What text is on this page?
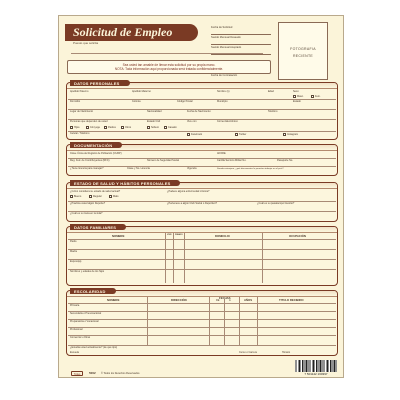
Solicitud de Empleo
Puesto que solicita
Fecha de Solicitud
Sueldo Mensual Deseado
Sueldo Mensual Aceptado
Fecha de Contratación
FOTOGRAFIA
RECIENTE
Sea usted tan amable de llenar esta solicitud por su propia mano.
NOTA: Toda información aquí proporcionada será tratada confidencialmente.
DATOS PERSONALES
Apellido Paterno	Apellido Materno	Nombre (s)	Edad	Sexo
Masc.	Fem.
Domicilio	Colonia	Código Postal	Municipio	Estado
Lugar de Nacimiento	Nacionalidad	Fecha de Nacimiento	Teléfono
Personas que dependen de usted	Estado Civil	Vive con
Hijos	Cónyuge	Padres	Otros	Soltero	Casado
Correo Electrónico
Celular / Teléfono	Facebook	Twitter	Instagram
DOCUMENTACIÓN
Clave Única de Registro de Población (CURP)	AFORE
Reg. Fed. de Contribuyentes (RFC)	Número de Seguridad Social	Cartilla Servicio Militar No.	Pasaporte No.
¿Tiene licencia para manejar?	Clase y No. Licencia	Vigencia	Siendo extranjero, ¿qué documentos le permiten trabajar en el país?
ESTADO DE SALUD Y HÁBITOS PERSONALES
¿Cómo considera su estado de salud actual?	¿Padece alguna enfermedad crónica?
Bueno	Regular	Malo
¿Practica usted algún Deporte?	¿Pertenece a algún Club Social o Deportivo?	¿Cuál es su pasatiempo favorito?
¿Cuál es su meta en la vida?
DATOS FAMILIARES
NOMBRE	VIVE FINADO	DOMICILIO	OCUPACIÓN
Padre
Madre
Esposo(a)
Nombres y edades de los hijos
ESCOLARIDAD
NOMBRE	DIRECCIÓN	FECHAS
DE	A	AÑOS	TITULO RECIBIDO
Primaria
Secundaria o Prevocacional
Preparatoria o Vocacional
Profesional
Comercial u Otras
¿Estudia usted actualmente? (de qué tipo)
Escuela	Curso o Carrera	Horario
Ticket	5002 © Todos los Derechos Reservados	7 501142 160397
